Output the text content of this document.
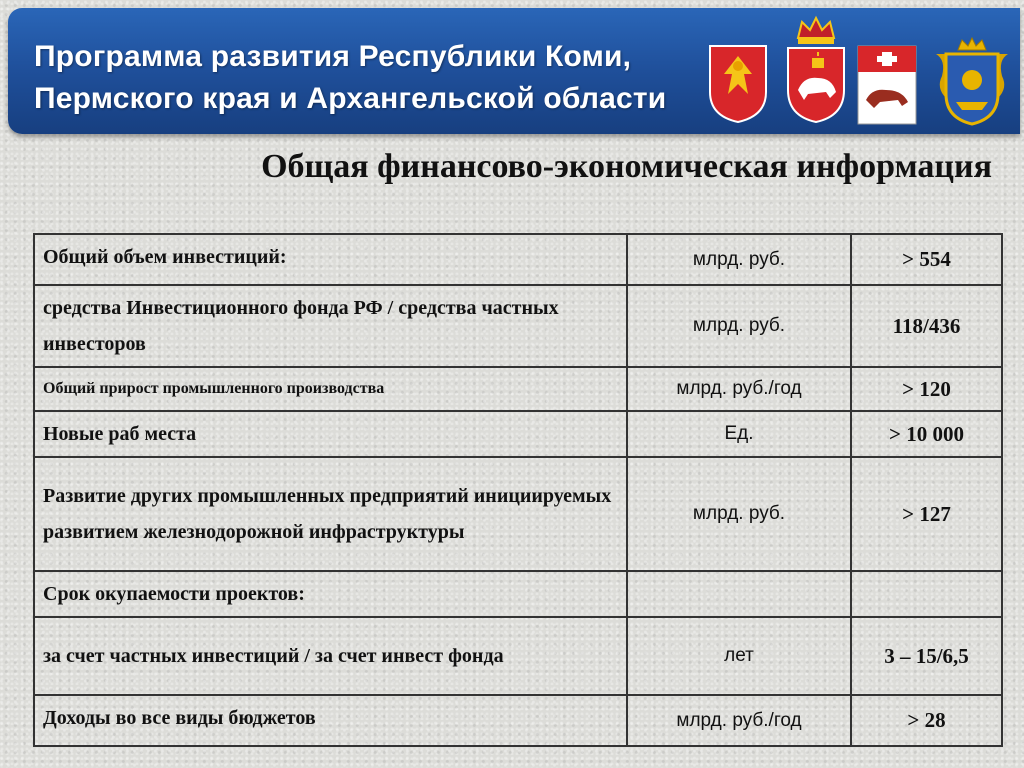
Программа развития Республики Коми,
Пермского края и Архангельской области
Общая финансово-экономическая информация
Общий объем инвестиций:	млрд. руб.	> 554
средства Инвестиционного фонда РФ / средства частных инвесторов	млрд. руб.	118/436
Общий прирост промышленного производства	млрд. руб./год	> 120
Новые раб места	Ед.	> 10 000
Развитие других промышленных предприятий инициируемых развитием железнодорожной инфраструктуры	млрд. руб.	> 127
Срок окупаемости проектов:		
за счет частных инвестиций / за счет инвест фонда	лет	3 – 15/6,5
Доходы во все виды бюджетов	млрд. руб./год	> 28
